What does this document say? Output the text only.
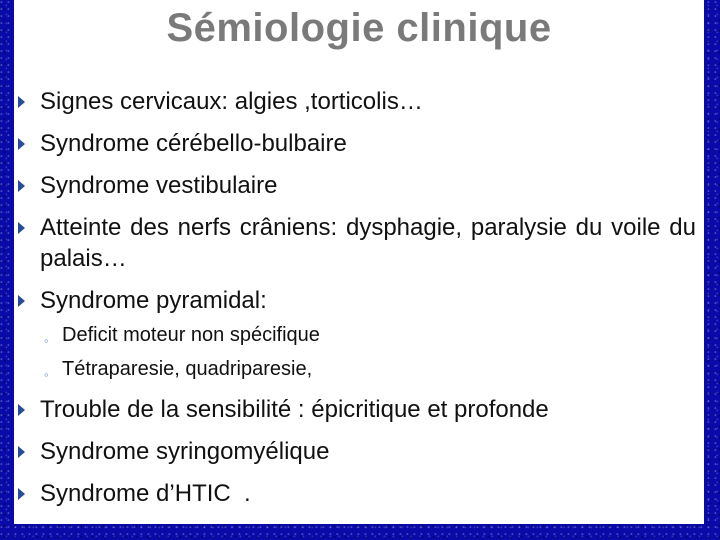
Sémiologie clinique
Signes cervicaux: algies ,torticolis…
Syndrome cérébello-bulbaire
Syndrome vestibulaire
Atteinte des nerfs crâniens: dysphagie, paralysie du voile du palais…
Syndrome pyramidal:
◦ Deficit moteur non spécifique
◦ Tétraparesie, quadriparesie,
Trouble de la sensibilité : épicritique et profonde
Syndrome syringomyélique
Syndrome d’HTIC  .
